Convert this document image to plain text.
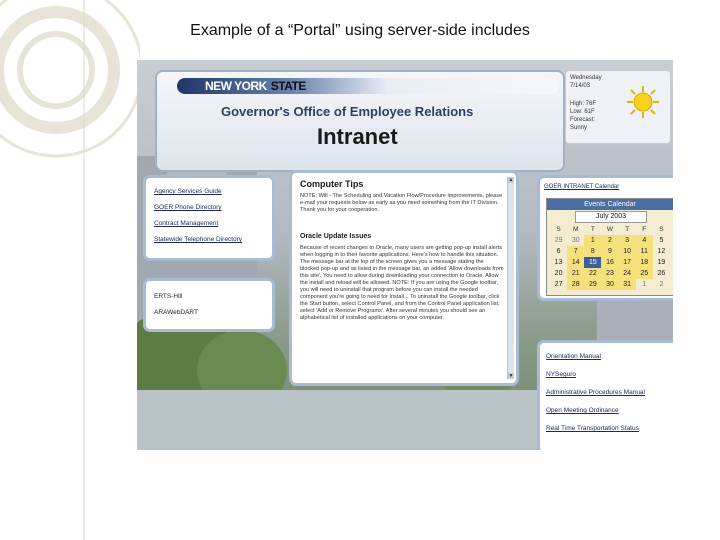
Example of a “Portal” using server-side includes
NEW YORK STATE
Governor's Office of Employee Relations
Intranet
Wednesday
7/14/03
High: 76F
Low: 61F
Forecast:
Sunny
Agency Services Guide
GOER Phone Directory
Contract Management
Statewide Telephone Directory
ERTS-Hill
ARAWebDART
Computer Tips
NOTE: Will - The Scheduling and Vacation Flow/Procedure improvements, please e-mail your requests below as early as you need something from the IT Division. Thank you for your cooperation.
Oracle Update Issues
Because of recent changes to Oracle, many users are getting pop-up install alerts when logging in to their favorite applications. Here's how to handle this situation. The message bar at the top of the screen gives you a message stating the blocked pop-up and as listed in the message bar, an added 'Allow downloads from this site'. You need to allow during downloading your connection to Oracle. Allow the install and reload will be allowed. NOTE: If you are using the Google toolbar, you will need to uninstall that program before you can install the needed component you're going to need for Install... To uninstall the Google toolbar, click the Start button, select Control Panel, and from the Control Panel application list, select 'Add or Remove Programs'. After several minutes you should see an alphabetical list of installed applications on your computer.
▲
▼
GOER INTRANET Calendar
Events Calendar
July 2003
S	M	T	W	T	F	S
29	30	1	2	3	4	5
6	7	8	9	10	11	12
13	14	15	16	17	18	19
20	21	22	23	24	25	26
27	28	29	30	31	1	2
Orientation Manual
NYSeguro
Administrative Procedures Manual
Open Meeting Ordinance
Real Time Transportation Status
